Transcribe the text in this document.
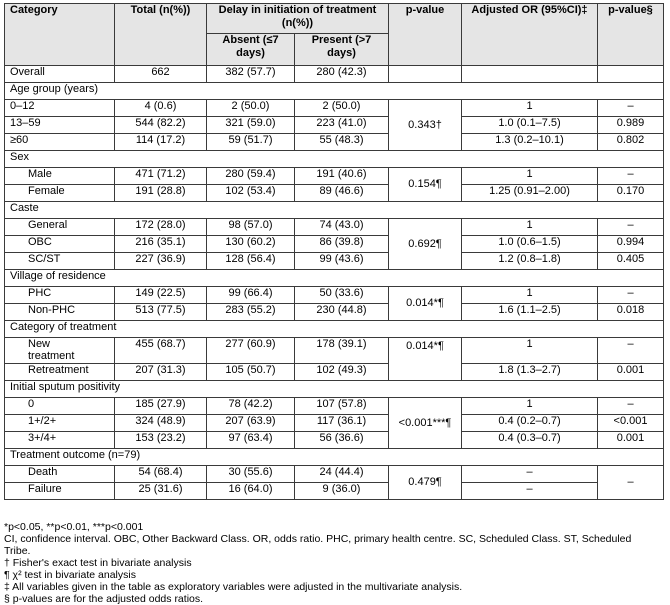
Category	Total (n(%))	Delay in initiation of treatment (n(%))		p-value	Adjusted OR (95%CI)‡	p-value§
		Absent (≤7 days)	Present (>7 days)			
Overall	662	382 (57.7)	280 (42.3)			
Age group (years)						
0–12	4 (0.6)	2 (50.0)	2 (50.0)	0.343†	1	–
13–59	544 (82.2)	321 (59.0)	223 (41.0)		1.0 (0.1–7.5)	0.989
≥60	114 (17.2)	59 (51.7)	55 (48.3)		1.3 (0.2–10.1)	0.802
Sex						
Male	471 (71.2)	280 (59.4)	191 (40.6)	0.154¶	1	–
Female	191 (28.8)	102 (53.4)	89 (46.6)		1.25 (0.91–2.00)	0.170
Caste						
General	172 (28.0)	98 (57.0)	74 (43.0)	0.692¶	1	–
OBC	216 (35.1)	130 (60.2)	86 (39.8)		1.0 (0.6–1.5)	0.994
SC/ST	227 (36.9)	128 (56.4)	99 (43.6)		1.2 (0.8–1.8)	0.405
Village of residence						
PHC	149 (22.5)	99 (66.4)	50 (33.6)	0.014*¶	1	–
Non-PHC	513 (77.5)	283 (55.2)	230 (44.8)		1.6 (1.1–2.5)	0.018
Category of treatment						
New
treatment	455 (68.7)	277 (60.9)	178 (39.1)	0.014*¶	1	–
Retreatment	207 (31.3)	105 (50.7)	102 (49.3)		1.8 (1.3–2.7)	0.001
Initial sputum positivity						
0	185 (27.9)	78 (42.2)	107 (57.8)	<0.001***¶	1	–
1+/2+	324 (48.9)	207 (63.9)	117 (36.1)		0.4 (0.2–0.7)	<0.001
3+/4+	153 (23.2)	97 (63.4)	56 (36.6)		0.4 (0.3–0.7)	0.001
Treatment outcome (n=79)						
Death	54 (68.4)	30 (55.6)	24 (44.4)	0.479¶	–	–
Failure	25 (31.6)	16 (64.0)	9 (36.0)		–	
*p<0.05, **p<0.01, ***p<0.001
CI, confidence interval. OBC, Other Backward Class. OR, odds ratio. PHC, primary health centre. SC, Scheduled Class. ST, Scheduled
Tribe.
† Fisher's exact test in bivariate analysis
¶ χ² test in bivariate analysis
‡ All variables given in the table as exploratory variables were adjusted in the multivariate analysis.
§ p-values are for the adjusted odds ratios.
